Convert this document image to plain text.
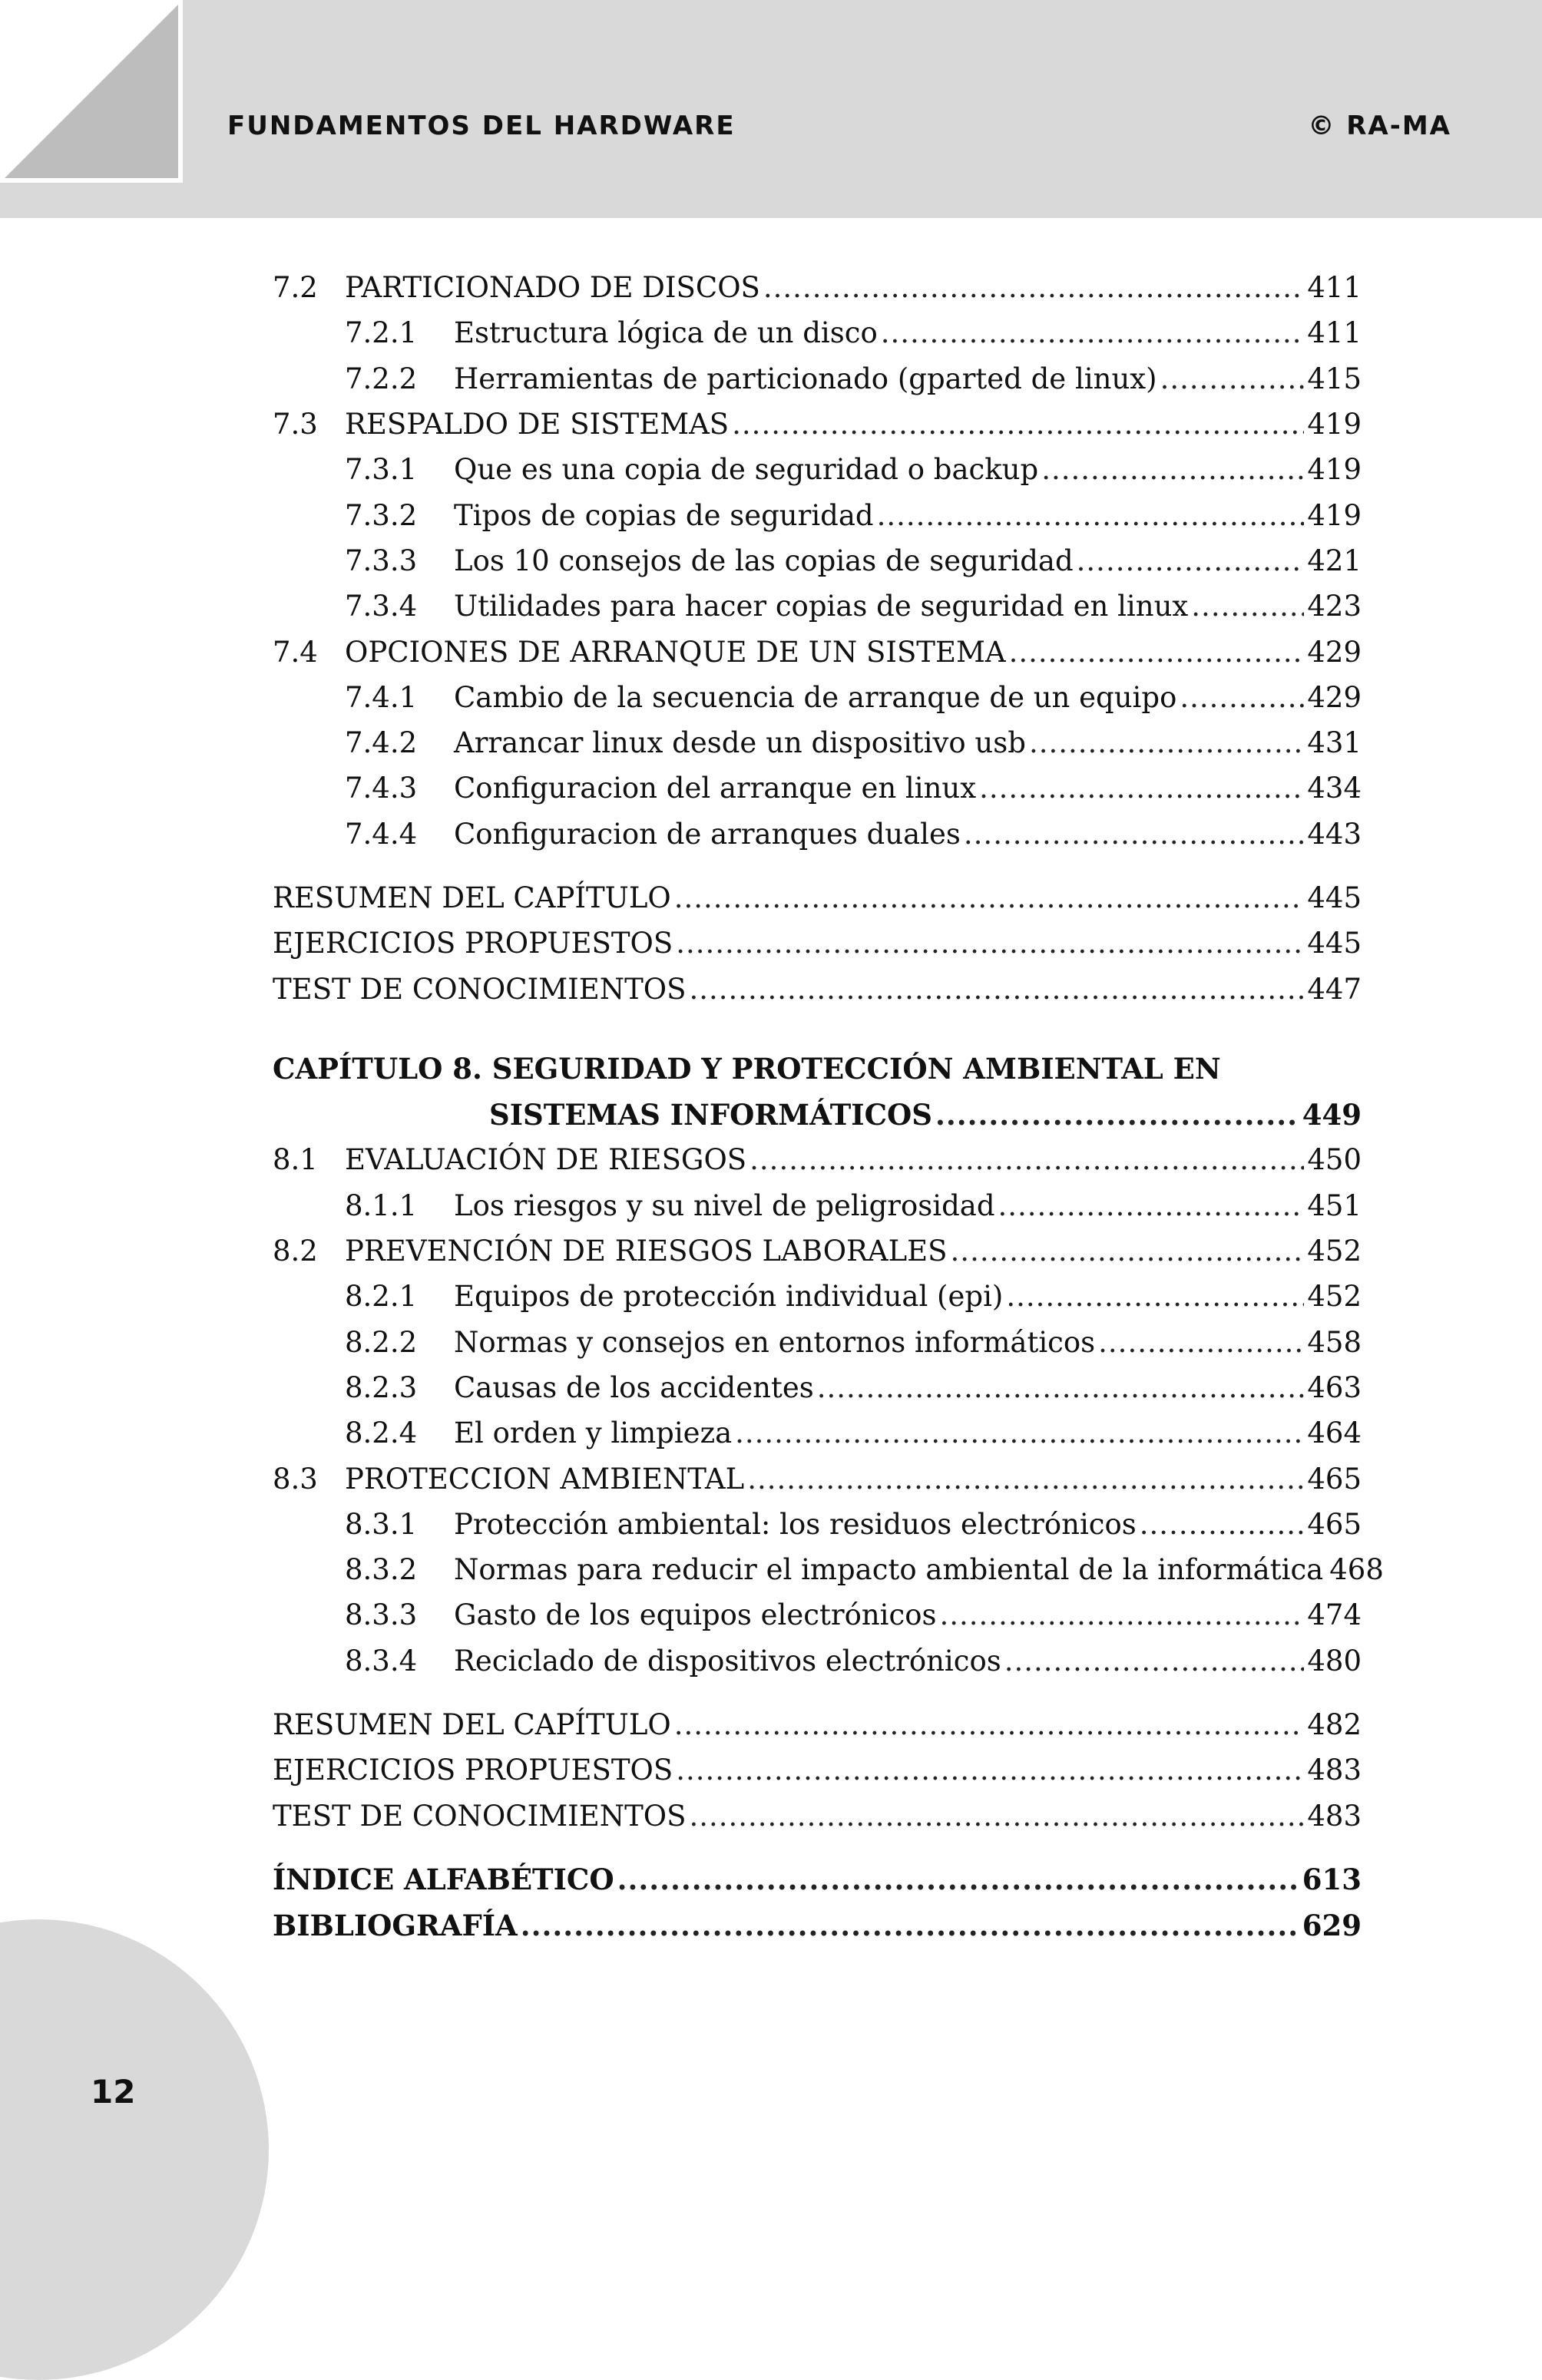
FUNDAMENTOS DEL HARDWARE	© RA-MA
7.2 PARTICIONADO DE DISCOS .....	411
7.2.1	Estructura lógica de un disco .....	411
7.2.2	Herramientas de particionado (gparted de linux) .....	415
7.3 RESPALDO DE SISTEMAS .....	419
7.3.1	Que es una copia de seguridad o backup .....	419
7.3.2	Tipos de copias de seguridad .....	419
7.3.3	Los 10 consejos de las copias de seguridad .....	421
7.3.4	Utilidades para hacer copias de seguridad en linux .....	423
7.4 OPCIONES DE ARRANQUE DE UN SISTEMA .....	429
7.4.1	Cambio de la secuencia de arranque de un equipo .....	429
7.4.2	Arrancar linux desde un dispositivo usb .....	431
7.4.3	Configuracion del arranque en linux .....	434
7.4.4	Configuracion de arranques duales .....	443
RESUMEN DEL CAPÍTULO .....	445
EJERCICIOS PROPUESTOS .....	445
TEST DE CONOCIMIENTOS .....	447
CAPÍTULO 8. SEGURIDAD Y PROTECCIÓN AMBIENTAL EN
SISTEMAS INFORMÁTICOS .....	449
8.1 EVALUACIÓN DE RIESGOS .....	450
8.1.1	Los riesgos y su nivel de peligrosidad .....	451
8.2 PREVENCIÓN DE RIESGOS LABORALES .....	452
8.2.1	Equipos de protección individual (epi) .....	452
8.2.2	Normas y consejos en entornos informáticos .....	458
8.2.3	Causas de los accidentes .....	463
8.2.4	El orden y limpieza .....	464
8.3 PROTECCION AMBIENTAL .....	465
8.3.1	Protección ambiental: los residuos electrónicos .....	465
8.3.2	Normas para reducir el impacto ambiental de la informática 468
8.3.3	Gasto de los equipos electrónicos .....	474
8.3.4	Reciclado de dispositivos electrónicos .....	480
RESUMEN DEL CAPÍTULO .....	482
EJERCICIOS PROPUESTOS .....	483
TEST DE CONOCIMIENTOS .....	483
ÍNDICE ALFABÉTICO .....	613
BIBLIOGRAFÍA .....	629
12
